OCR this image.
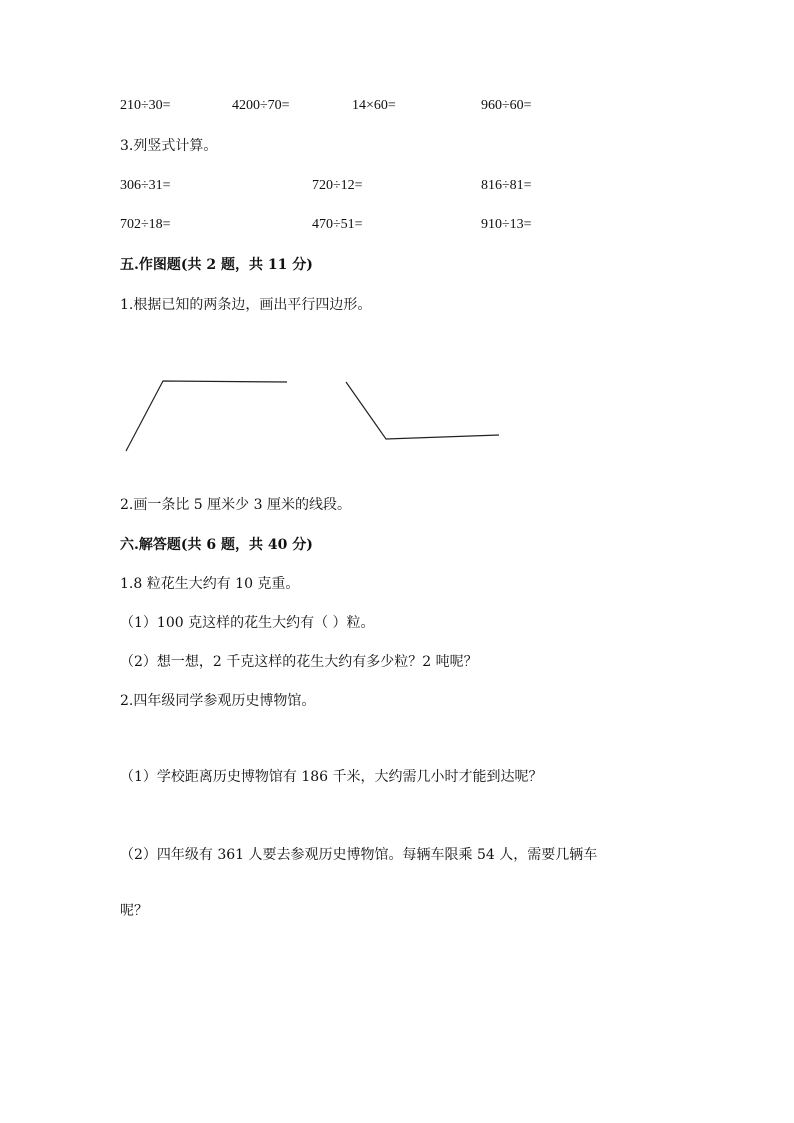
210÷30=	4200÷70=	14×60=	960÷60=
3.列竖式计算。
306÷31=	720÷12=	816÷81=
702÷18=	470÷51=	910÷13=
五.作图题(共 2 题，共 11 分)
1.根据已知的两条边，画出平行四边形。
2.画一条比 5 厘米少 3 厘米的线段。
六.解答题(共 6 题，共 40 分)
1.8 粒花生大约有 10 克重。
（1）100 克这样的花生大约有（ ）粒。
（2）想一想，2 千克这样的花生大约有多少粒？2 吨呢？
2.四年级同学参观历史博物馆。
（1）学校距离历史博物馆有 186 千米，大约需几小时才能到达呢？
（2）四年级有 361 人要去参观历史博物馆。每辆车限乘 54 人，需要几辆车
呢？
